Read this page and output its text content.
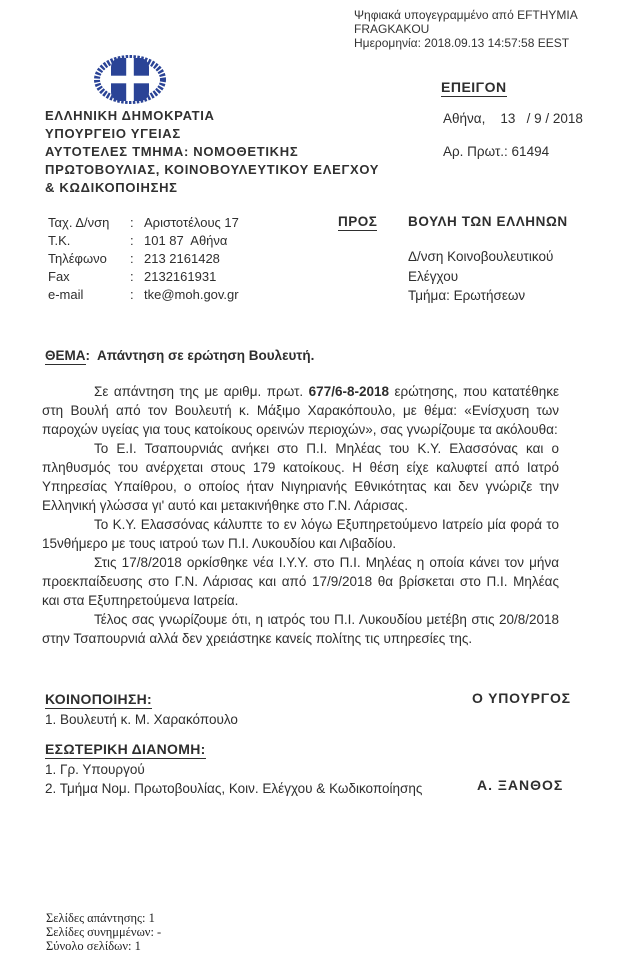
Ψηφιακά υπογεγραμμένο από EFTHYMIA
FRAGKAKOU
Ημερομηνία: 2018.09.13 14:57:58 EEST
ΕΛΛΗΝΙΚΗ ΔΗΜΟΚΡΑΤΙΑ
ΥΠΟΥΡΓΕΙΟ ΥΓΕΙΑΣ
ΑΥΤΟΤΕΛΕΣ ΤΜΗΜΑ: ΝΟΜΟΘΕΤΙΚΗΣ
ΠΡΩΤΟΒΟΥΛΙΑΣ, ΚΟΙΝΟΒΟΥΛΕΥΤΙΚΟΥ ΕΛΕΓΧΟΥ
& ΚΩΔΙΚΟΠΟΙΗΣΗΣ
ΕΠΕΙΓΟΝ
Αθήνα,    13   / 9 / 2018
Αρ. Πρωτ.: 61494
Ταχ. Δ/νση : Αριστοτέλους 17
Τ.Κ.	: 101 87  Αθήνα
Τηλέφωνο : 213 2161428
Fax	: 2132161931
e-mail	: tke@moh.gov.gr
ΠΡΟΣ ΒΟΥΛΗ ΤΩΝ ΕΛΛΗΝΩΝ
Δ/νση Κοινοβουλευτικού
Ελέγχου
Τμήμα: Ερωτήσεων
ΘΕΜΑ:  Απάντηση σε ερώτηση Βουλευτή.

Σε απάντηση της με αριθμ. πρωτ. 677/6-8-2018 ερώτησης, που κατατέθηκε στη Βουλή από τον Βουλευτή κ. Μάξιμο Χαρακόπουλο, με θέμα: «Ενίσχυση των παροχών υγείας για τους κατοίκους ορεινών περιοχών», σας γνωρίζουμε τα ακόλουθα:

Το Ε.Ι. Τσαπουρνιάς ανήκει στο Π.Ι. Μηλέας του Κ.Υ. Ελασσόνας και ο πληθυσμός του ανέρχεται στους 179 κατοίκους. Η θέση είχε καλυφτεί από Ιατρό Υπηρεσίας Υπαίθρου, ο οποίος ήταν Νιγηριανής Εθνικότητας και δεν γνώριζε την Ελληνική γλώσσα γι' αυτό και μετακινήθηκε στο Γ.Ν. Λάρισας.

Το Κ.Υ. Ελασσόνας κάλυπτε το εν λόγω Εξυπηρετούμενο Ιατρείο μία φορά το 15νθήμερο με τους ιατρού των Π.Ι. Λυκουδίου και Λιβαδίου.

Στις 17/8/2018 ορκίσθηκε νέα Ι.Υ.Υ. στο Π.Ι. Μηλέας η οποία κάνει τον μήνα προεκπαίδευσης στο Γ.Ν. Λάρισας και από 17/9/2018 θα βρίσκεται στο Π.Ι. Μηλέας και στα Εξυπηρετούμενα Ιατρεία.

Τέλος σας γνωρίζουμε ότι, η ιατρός του Π.Ι. Λυκουδίου μετέβη στις 20/8/2018 στην Τσαπουρνιά αλλά δεν χρειάστηκε κανείς πολίτης τις υπηρεσίες της.

ΚΟΙΝΟΠΟΙΗΣΗ:
1. Βουλευτή κ. Μ. Χαρακόπουλο
Ο ΥΠΟΥΡΓΟΣ
ΕΣΩΤΕΡΙΚΗ ΔΙΑΝΟΜΗ:
1. Γρ. Υπουργού
2. Τμήμα Νομ. Πρωτοβουλίας, Κοιν. Ελέγχου & Κωδικοποίησης	Α. ΞΑΝΘΟΣ
Σελίδες απάντησης: 1
Σελίδες συνημμένων: -
Σύνολο σελίδων: 1
